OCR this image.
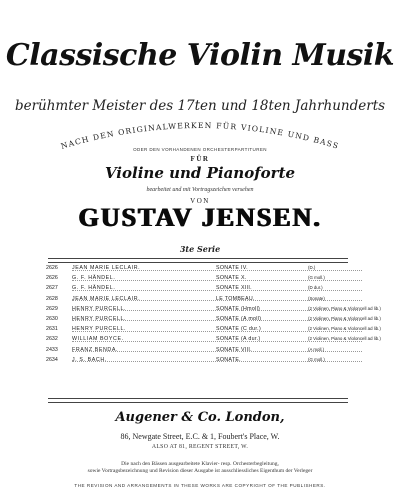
Classische Violin Musik
berühmter Meister des 17ten und 18ten Jahrhunderts
NACH DEN ORIGINALWERKEN FÜR VIOLINE UND BASS
ODER DEN VORHANDENEN ORCHESTERPARTITUREN
FÜR
Violine und Pianoforte
bearbeitet und mit Vortragszeichen versehen
VON
GUSTAV JENSEN.
3te Serie
2626	JEAN MARIE LECLAIR.	SONATE IV.	(D.)
2626	G. F. HÄNDEL.	SONATE X.	(G moll.)
2627	G. F. HÄNDEL.	SONATE XIII.	(D dur.)
2628	JEAN MARIE LECLAIR.	LE TOMBEAU.	(Sonate)
2629	HENRY PURCELL.	SONATE (Hmoll)	(2 Violinen, Piano & Violoncell ad lib.)
2630	HENRY PURCELL.	SONATE (A moll)	(2 Violinen, Piano & Violoncell ad lib.)
2631	HENRY PURCELL.	SONATE (C dur.)	(2 Violinen, Piano & Violoncell ad lib.)
2632	WILLIAM BOYCE.	SONATE (A dur.)	(2 Violinen, Piano & Violoncell ad lib.)
2433	FRANZ BENDA.	SONATE VIII.	(A moll.)
2634	J. S. BACH.	SONATE.	(G moll.)
Augener & Co. London,
86, Newgate Street, E.C. & 1, Foubert's Place, W.
ALSO AT 81, REGENT STREET, W.
Die nach den Bässen ausgearbeitete Klavier- resp. Orchesterbegleitung,
sowie Vortragsbezeichnung und Revision dieser Ausgabe ist ausschliessliches Eigenthum der Verleger
THE REVISION AND ARRANGEMENTS IN THESE WORKS ARE COPYRIGHT OF THE PUBLISHERS.
